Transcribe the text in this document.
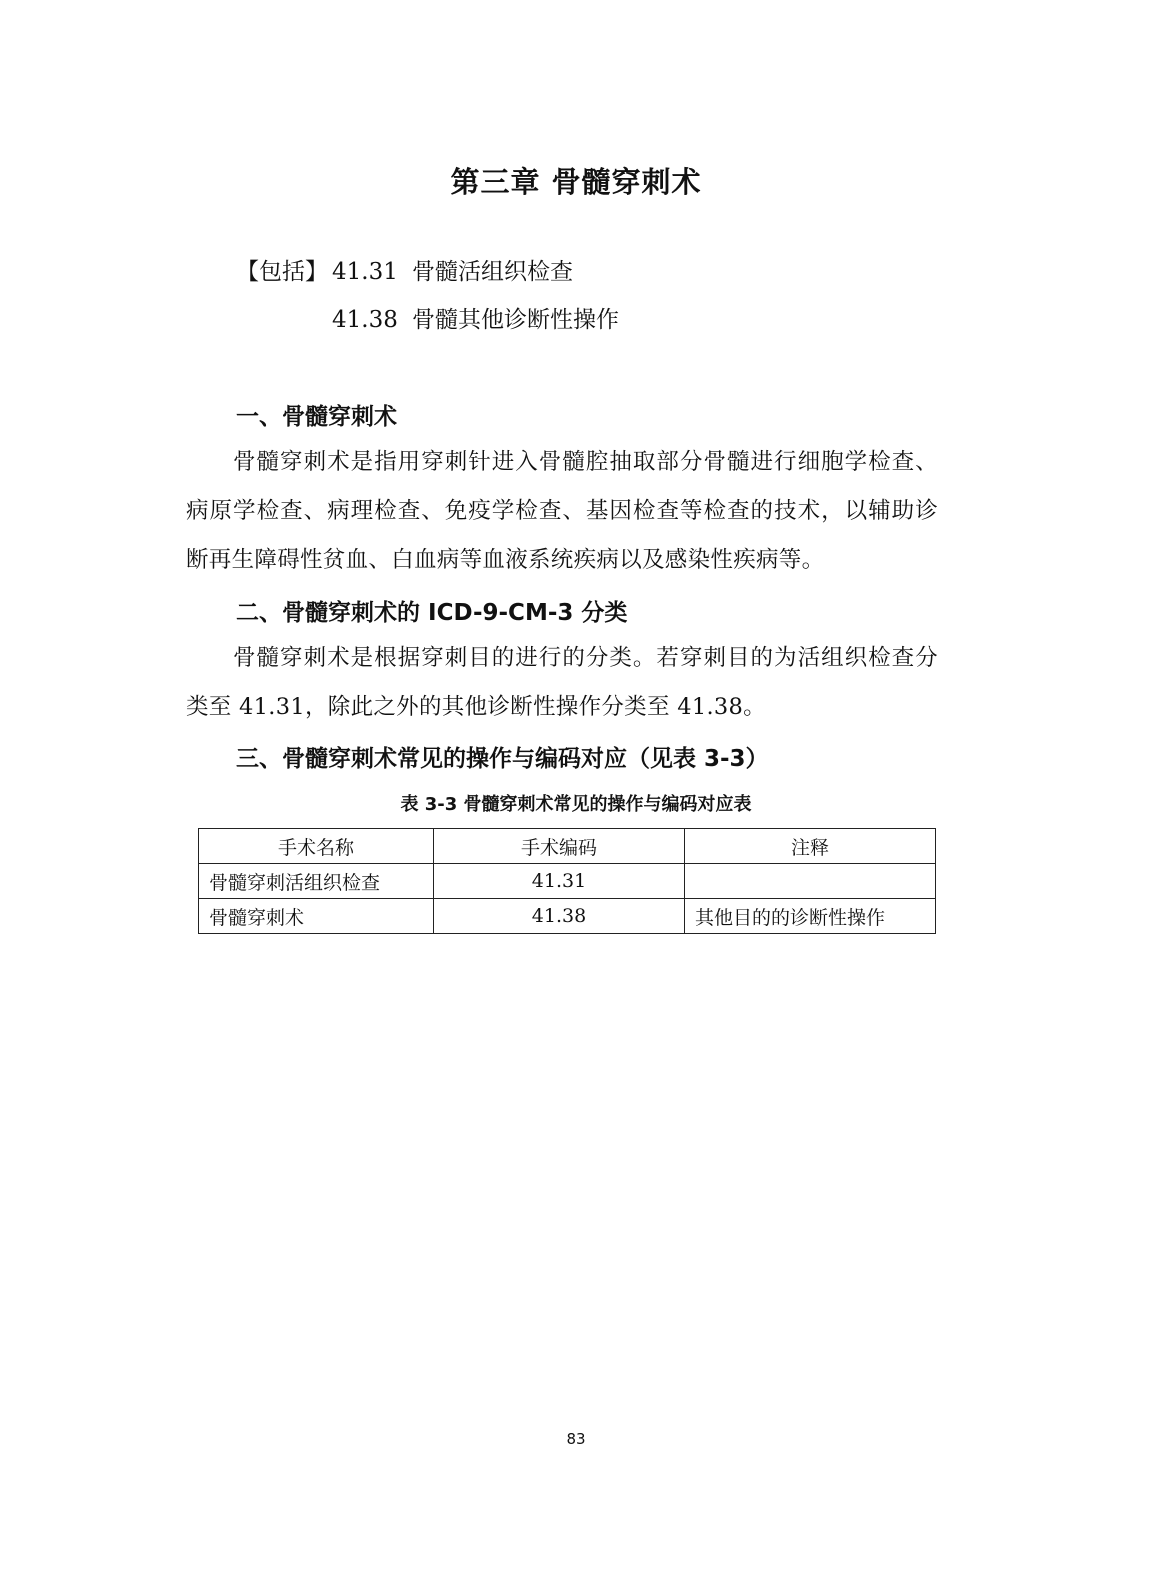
第三章 骨髓穿刺术
【包括】 41.31 骨髓活组织检查
41.38 骨髓其他诊断性操作
一、骨髓穿刺术
骨髓穿刺术是指用穿刺针进入骨髓腔抽取部分骨髓进行细胞学检查、病原学检查、病理检查、免疫学检查、基因检查等检查的技术，以辅助诊断再生障碍性贫血、白血病等血液系统疾病以及感染性疾病等。
二、骨髓穿刺术的 ICD-9-CM-3 分类
骨髓穿刺术是根据穿刺目的进行的分类。若穿刺目的为活组织检查分类至 41.31，除此之外的其他诊断性操作分类至 41.38。
三、骨髓穿刺术常见的操作与编码对应（见表 3-3）
表 3-3 骨髓穿刺术常见的操作与编码对应表
手术名称	手术编码	注释
骨髓穿刺活组织检查	41.31	
骨髓穿刺术	41.38	其他目的的诊断性操作
83
